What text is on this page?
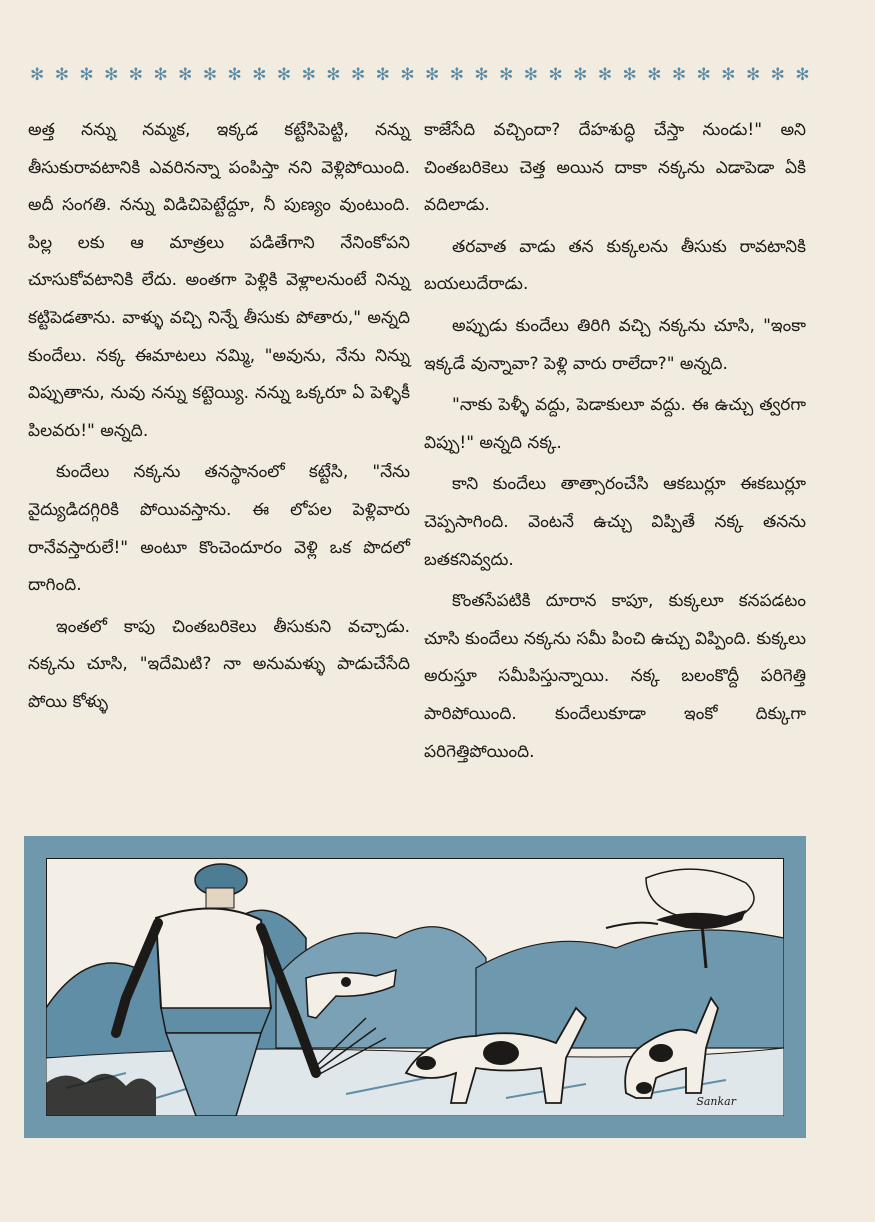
✻ ✻ ✻ ✻ ✻ ✻ ✻ ✻ ✻ ✻ ✻ ✻ ✻ ✻ ✻ ✻ ✻ ✻ ✻ ✻ ✻ ✻ ✻ ✻ ✻ ✻ ✻ ✻ ✻ ✻ ✻ ✻

అత్త నన్ను నమ్మక, ఇక్కడ కట్టేసిపెట్టి, నన్ను తీసుకురావటానికి ఎవరినన్నా పంపిస్తా నని వెళ్లిపోయింది. అదీ సంగతి. నన్ను విడిచిపెట్టేద్దూ, నీ పుణ్యం వుంటుంది. పిల్ల లకు ఆ మాత్రలు పడితేగాని నేనింకోపని చూసుకోవటానికి లేదు. అంతగా పెళ్లికి వెళ్లాలనుంటే నిన్ను కట్టిపెడతాను. వాళ్ళు వచ్చి నిన్నే తీసుకు పోతారు," అన్నది కుందేలు. నక్క ఈమాటలు నమ్మి, "అవును, నేను నిన్ను విప్పుతాను, నువు నన్ను కట్టెయ్యి. నన్ను ఒక్కరూ ఏ పెళ్ళికీ పిలవరు!" అన్నది.

కుందేలు నక్కను తనస్థానంలో కట్టేసి, "నేను వైద్యుడిదగ్గిరికి పోయివస్తాను. ఈ లోపల పెళ్లివారు రానేవస్తారులే!" అంటూ కొంచెందూరం వెళ్లి ఒక పొదలో దాగింది.

ఇంతలో కాపు చింతబరికెలు తీసుకుని వచ్చాడు. నక్కను చూసి, "ఇదేమిటి? నా అనుమళ్ళు పాడుచేసేది పోయి కోళ్ళు

కాజేసేది వచ్చిందా? దేహశుద్ధి చేస్తా నుండు!" అని చింతబరికెలు చెత్త అయిన దాకా నక్కను ఎడాపెడా ఏకి వదిలాడు.

తరవాత వాడు తన కుక్కలను తీసుకు రావటానికి బయలుదేరాడు.

అప్పుడు కుందేలు తిరిగి వచ్చి నక్కను చూసి, "ఇంకా ఇక్కడే వున్నావా? పెళ్లి వారు రాలేదా?" అన్నది.

"నాకు పెళ్ళీ వద్దు, పెడాకులూ వద్దు. ఈ ఉచ్చు త్వరగా విప్పు!" అన్నది నక్క.

కాని కుందేలు తాత్సారంచేసి ఆకబుర్లూ ఈకబుర్లూ చెప్పసాగింది. వెంటనే ఉచ్చు విప్పితే నక్క తనను బతకనివ్వదు.

కొంతసేపటికి దూరాన కాపూ, కుక్కలూ కనపడటం చూసి కుందేలు నక్కను సమీ పించి ఉచ్చు విప్పింది. కుక్కలు అరుస్తూ సమీపిస్తున్నాయి. నక్క బలంకొద్దీ పరిగెత్తి పారిపోయింది. కుందేలుకూడా ఇంకో దిక్కుగా పరిగెత్తిపోయింది.

Sankar
